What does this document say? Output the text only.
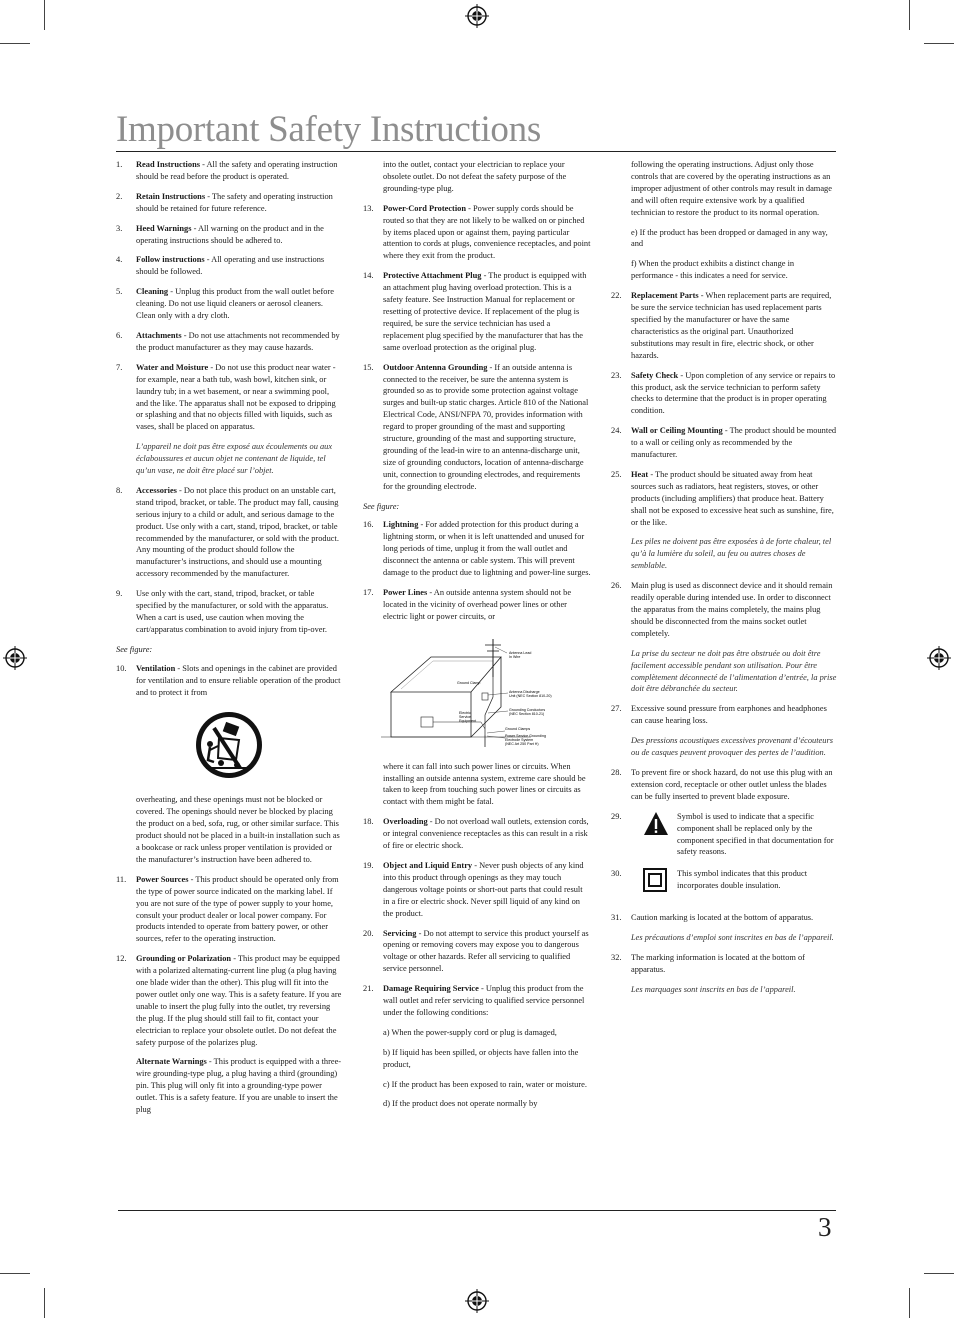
Important Safety Instructions
1. Read Instructions - All the safety and operating instruction should be read before the product is operated.
2. Retain Instructions - The safety and operating instruction should be retained for future reference.
3. Heed Warnings - All warning on the product and in the operating instructions should be adhered to.
4. Follow instructions - All operating and use instructions should be followed.
5. Cleaning - Unplug this product from the wall outlet before cleaning. Do not use liquid cleaners or aerosol cleaners. Clean only with a dry cloth.
6. Attachments - Do not use attachments not recommended by the product manufacturer as they may cause hazards.
7. Water and Moisture - Do not use this product near water - for example, near a bath tub, wash bowl, kitchen sink, or laundry tub; in a wet basement, or near a swimming pool, and the like. The apparatus shall not be exposed to dripping or splashing and that no objects filled with liquids, such as vases, shall be placed on apparatus.
L’appareil ne doit pas être exposé aux écoulements ou aux éclaboussures et aucun objet ne contenant de liquide, tel qu’un vase, ne doit être placé sur l’objet.
8. Accessories - Do not place this product on an unstable cart, stand tripod, bracket, or table. The product may fall, causing serious injury to a child or adult, and serious damage to the product. Use only with a cart, stand, tripod, bracket, or table recommended by the manufacturer, or sold with the product. Any mounting of the product should follow the manufacturer’s instructions, and should use a mounting accessory recommended by the manufacturer.
9. Use only with the cart, stand, tripod, bracket, or table specified by the manufacturer, or sold with the apparatus. When a cart is used, use caution when moving the cart/apparatus combination to avoid injury from tip-over.
See figure:
10. Ventilation - Slots and openings in the cabinet are provided for ventilation and to ensure reliable operation of the product and to protect it from
overheating, and these openings must not be blocked or covered. The openings should never be blocked by placing the product on a bed, sofa, rug, or other similar surface. This product should not be placed in a built-in installation such as a bookcase or rack unless proper ventilation is provided or the manufacturer’s instruction have been adhered to.
11. Power Sources - This product should be operated only from the type of power source indicated on the marking label. If you are not sure of the type of power supply to your home, consult your product dealer or local power company. For products intended to operate from battery power, or other sources, refer to the operating instruction.
12. Grounding or Polarization - This product may be equipped with a polarized alternating-current line plug (a plug having one blade wider than the other). This plug will fit into the power outlet only one way. This is a safety feature. If you are unable to insert the plug fully into the outlet, try reversing the plug. If the plug should still fail to fit, contact your electrician to replace your obsolete outlet. Do not defeat the safety purpose of the polarizes plug.
Alternate Warnings - This product is equipped with a three-wire grounding-type plug, a plug having a third (grounding) pin. This plug will only fit into a grounding-type power outlet. This is a safety feature. If you are unable to insert the plug
into the outlet, contact your electrician to replace your obsolete outlet. Do not defeat the safety purpose of the grounding-type plug.
13. Power-Cord Protection - Power supply cords should be routed so that they are not likely to be walked on or pinched by items placed upon or against them, paying particular attention to cords at plugs, convenience receptacles, and point where they exit from the product.
14. Protective Attachment Plug - The product is equipped with an attachment plug having overload protection. This is a safety feature. See Instruction Manual for replacement or resetting of protective device. If replacement of the plug is required, be sure the service technician has used a replacement plug specified by the manufacturer that has the same overload protection as the original plug.
15. Outdoor Antenna Grounding - If an outside antenna is connected to the receiver, be sure the antenna system is grounded so as to provide some protection against voltage surges and built-up static charges. Article 810 of the National Electrical Code, ANSI/NFPA 70, provides information with regard to proper grounding of the mast and supporting structure, grounding of the mast and supporting structure, grounding of the lead-in wire to an antenna-discharge unit, size of grounding conductors, location of antenna-discharge unit, connection to grounding electrodes, and requirements for the grounding electrode.
See figure:
16. Lightning - For added protection for this product during a lightning storm, or when it is left unattended and unused for long periods of time, unplug it from the wall outlet and disconnect the antenna or cable system. This will prevent damage to the product due to lightning and power-line surges.
17. Power Lines - An outside antenna system should not be located in the vicinity of overhead power lines or other electric light or power circuits, or
Antenna Lead
In Wire
Ground Clamp
Antenna Discharge
Unit (NEC Section 810-20)
Grounding Conductors
(NEC Section 810-21)
Electric
Service
Equipment
Ground Clamps
Power Service Grounding
Electrode System
(NEC Art 250 Part H)
where it can fall into such power lines or circuits. When installing an outside antenna system, extreme care should be taken to keep from touching such power lines or circuits as contact with them might be fatal.
18. Overloading - Do not overload wall outlets, extension cords, or integral convenience receptacles as this can result in a risk of fire or electric shock.
19. Object and Liquid Entry - Never push objects of any kind into this product through openings as they may touch dangerous voltage points or short-out parts that could result in a fire or electric shock. Never spill liquid of any kind on the product.
20. Servicing - Do not attempt to service this product yourself as opening or removing covers may expose you to dangerous voltage or other hazards. Refer all servicing to qualified service personnel.
21. Damage Requiring Service - Unplug this product from the wall outlet and refer servicing to qualified service personnel under the following conditions:
a) When the power-supply cord or plug is damaged,
b) If liquid has been spilled, or objects have fallen into the product,
c) If the product has been exposed to rain, water or moisture.
d) If the product does not operate normally by
following the operating instructions. Adjust only those controls that are covered by the operating instructions as an improper adjustment of other controls may result in damage and will often require extensive work by a qualified technician to restore the product to its normal operation.
e) If the product has been dropped or damaged in any way, and
f) When the product exhibits a distinct change in performance - this indicates a need for service.
22. Replacement Parts - When replacement parts are required, be sure the service technician has used replacement parts specified by the manufacturer or have the same characteristics as the original part. Unauthorized substitutions may result in fire, electric shock, or other hazards.
23. Safety Check - Upon completion of any service or repairs to this product, ask the service technician to perform safety checks to determine that the product is in proper operating condition.
24. Wall or Ceiling Mounting - The product should be mounted to a wall or ceiling only as recommended by the manufacturer.
25. Heat - The product should be situated away from heat sources such as radiators, heat registers, stoves, or other products (including amplifiers) that produce heat. Battery shall not be exposed to excessive heat such as sunshine, fire, or the like.
Les piles ne doivent pas être exposées à de forte chaleur, tel qu’à la lumière du soleil, au feu ou autres choses de semblable.
26. Main plug is used as disconnect device and it should remain readily operable during intended use. In order to disconnect the apparatus from the mains completely, the mains plug should be disconnected from the mains socket outlet completely.
La prise du secteur ne doit pas être obstruée ou doit être facilement accessible pendant son utilisation. Pour être complètement déconnecté de l’alimentation d’entrée, la prise doit être débranchée du secteur.
27. Excessive sound pressure from earphones and headphones can cause hearing loss.
Des pressions acoustiques excessives provenant d’écouteurs ou de casques peuvent provoquer des pertes de l’audition.
28. To prevent fire or shock hazard, do not use this plug with an extension cord, receptacle or other outlet unless the blades can be fully inserted to prevent blade exposure.
29.	Symbol is used to indicate that a specific component shall be replaced only by the component specified in that documentation for safety reasons.
30.	This symbol indicates that this product incorporates double insulation.
31. Caution marking is located at the bottom of apparatus.
Les précautions d’emploi sont inscrites en bas de l’appareil.
32. The marking information is located at the bottom of apparatus.
Les marquages sont inscrits en bas de l’appareil.
3
